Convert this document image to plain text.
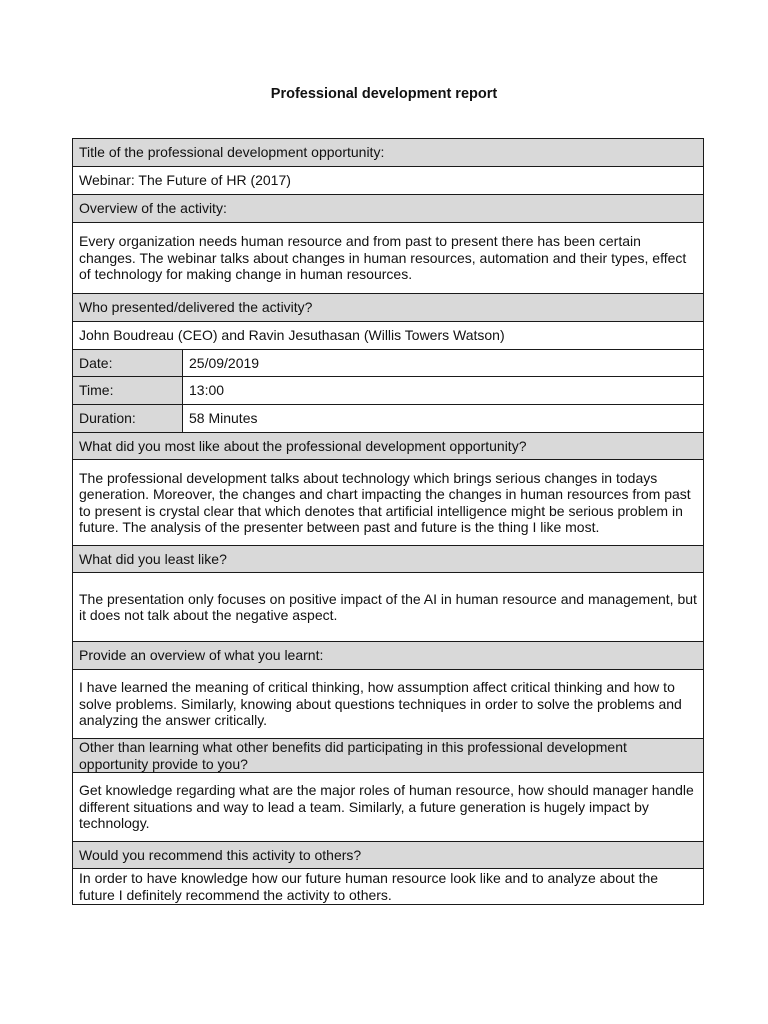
Professional development report
Title of the professional development opportunity:	
Webinar: The Future of HR (2017)	
Overview of the activity:	
Every organization needs human resource and from past to present there has been certain changes. The webinar talks about changes in human resources, automation and their types, effect of technology for making change in human resources.	
Who presented/delivered the activity?	
John Boudreau (CEO) and Ravin Jesuthasan (Willis Towers Watson)	
Date:	25/09/2019
Time:	13:00
Duration:	58 Minutes
What did you most like about the professional development opportunity?	
The professional development talks about technology which brings serious changes in todays generation. Moreover, the changes and chart impacting the changes in human resources from past to present is crystal clear that which denotes that artificial intelligence might be serious problem in future. The analysis of the presenter between past and future is the thing I like most.	
What did you least like?	
The presentation only focuses on positive impact of the AI in human resource and management, but it does not talk about the negative aspect.	
Provide an overview of what you learnt:	
I have learned the meaning of critical thinking, how assumption affect critical thinking and how to solve problems. Similarly, knowing about questions techniques in order to solve the problems and analyzing the answer critically.	
Other than learning what other benefits did participating in this professional development opportunity provide to you?	
Get knowledge regarding what are the major roles of human resource, how should manager handle different situations and way to lead a team. Similarly, a future generation is hugely impact by technology.	
Would you recommend this activity to others?	
In order to have knowledge how our future human resource look like and to analyze about the future I definitely recommend the activity to others.	
